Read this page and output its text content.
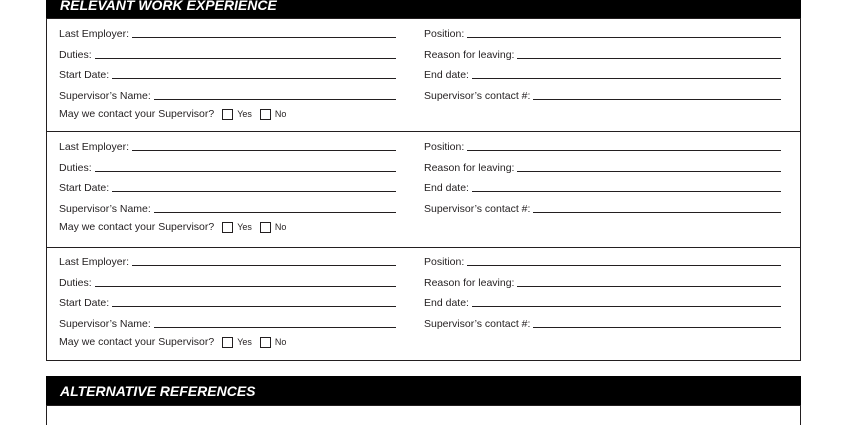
RELEVANT WORK EXPERIENCE
Last Employer:	Position:
Duties:	Reason for leaving:
Start Date:	End date:
Supervisor’s Name:	Supervisor’s contact #:
May we contact your Supervisor?	Yes	No
Last Employer:	Position:
Duties:	Reason for leaving:
Start Date:	End date:
Supervisor’s Name:	Supervisor’s contact #:
May we contact your Supervisor?	Yes	No
Last Employer:	Position:
Duties:	Reason for leaving:
Start Date:	End date:
Supervisor’s Name:	Supervisor’s contact #:
May we contact your Supervisor?	Yes	No
ALTERNATIVE REFERENCES
